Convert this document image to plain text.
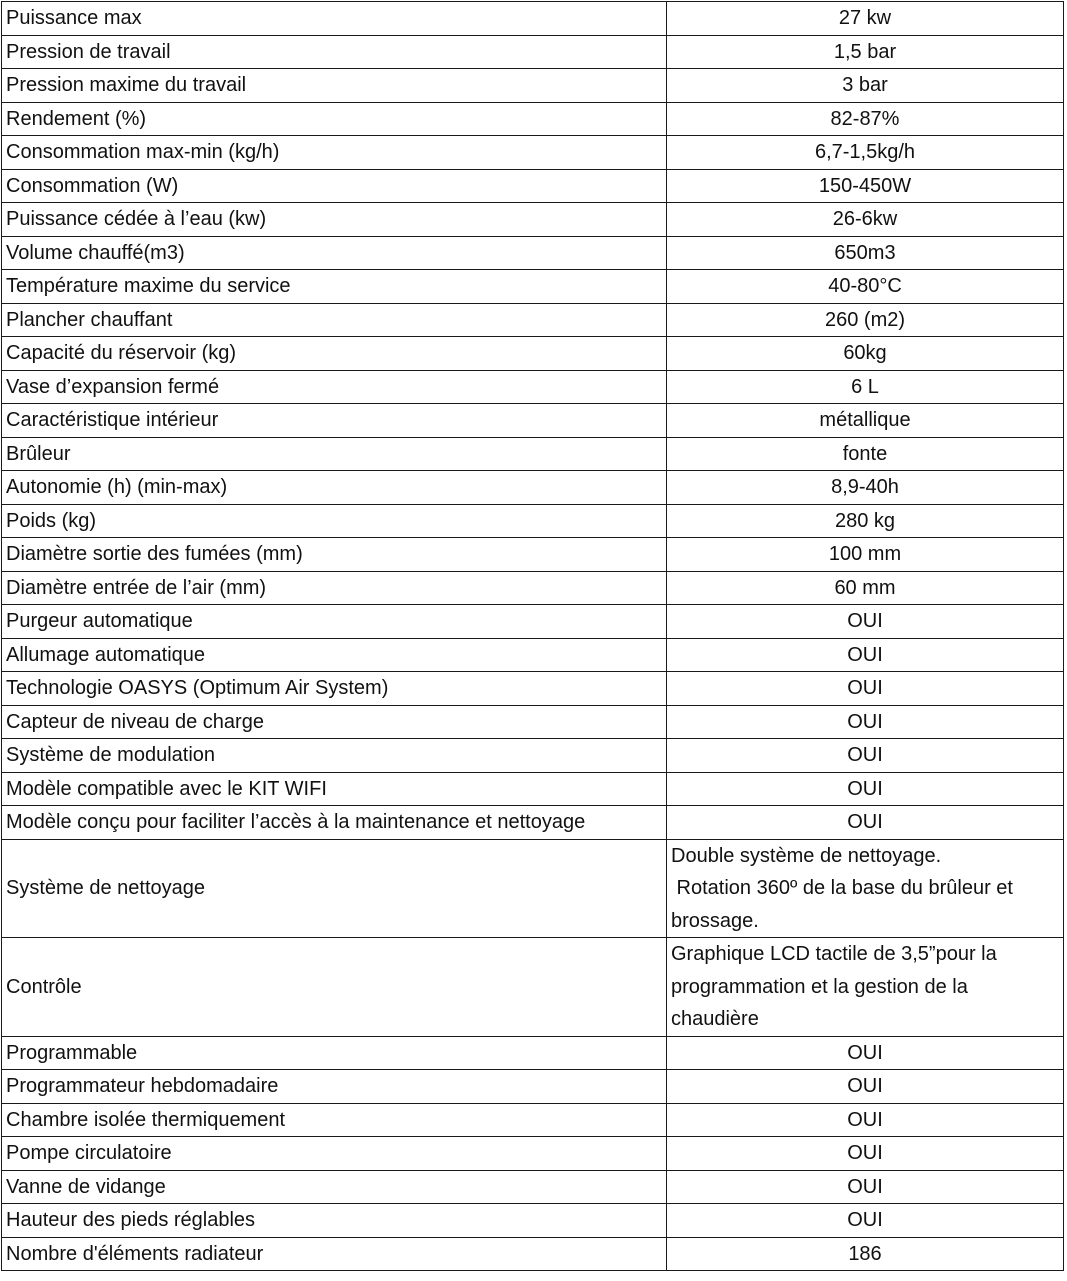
Puissance max	27 kw
Pression de travail	1,5 bar
Pression maxime du travail	3 bar
Rendement (%)	82-87%
Consommation max-min (kg/h)	6,7-1,5kg/h
Consommation (W)	150-450W
Puissance cédée à l’eau (kw)	26-6kw
Volume chauffé(m3)	650m3
Température maxime du service	40-80°C
Plancher chauffant	260 (m2)
Capacité du réservoir (kg)	60kg
Vase d’expansion fermé	6 L
Caractéristique intérieur	métallique
Brûleur	fonte
Autonomie (h) (min-max)	8,9-40h
Poids (kg)	280 kg
Diamètre sortie des fumées (mm)	100 mm
Diamètre entrée de l’air (mm)	60 mm
Purgeur automatique	OUI
Allumage automatique	OUI
Technologie OASYS (Optimum Air System)	OUI
Capteur de niveau de charge	OUI
Système de modulation	OUI
Modèle compatible avec le KIT WIFI	OUI
Modèle conçu pour faciliter l’accès à la maintenance et nettoyage	OUI
Système de nettoyage	Double système de nettoyage.
Rotation 360º de la base du brûleur et
brossage.

Contrôle	Graphique LCD tactile de 3,5”pour la
programmation et la gestion de la
chaudière

Programmable	OUI
Programmateur hebdomadaire	OUI
Chambre isolée thermiquement	OUI
Pompe circulatoire	OUI
Vanne de vidange	OUI
Hauteur des pieds réglables	OUI
Nombre d'éléments radiateur	186
